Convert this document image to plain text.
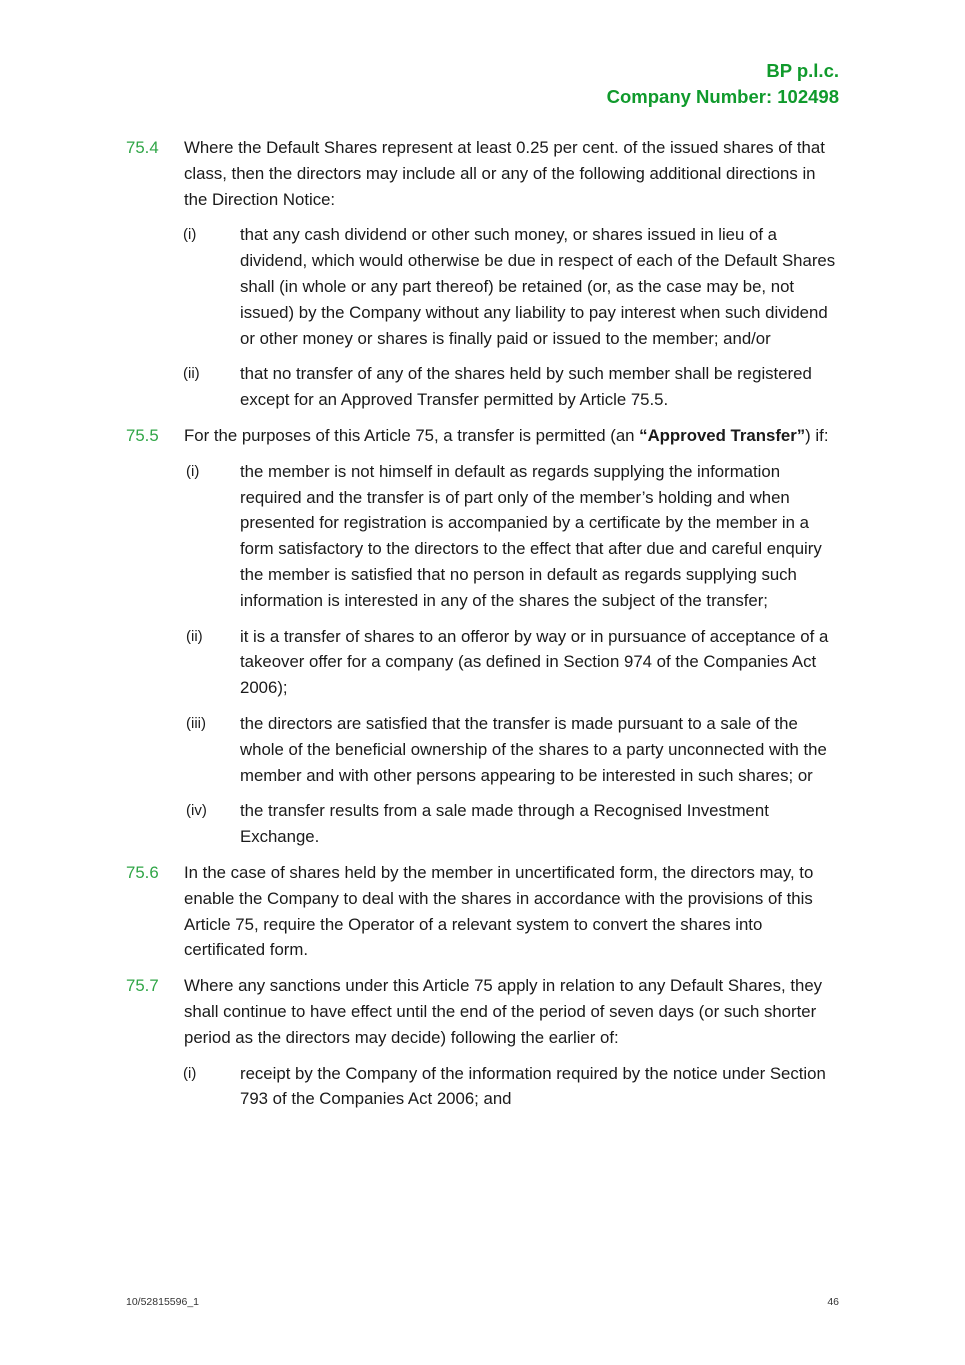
BP p.l.c.
Company Number: 102498
75.4 Where the Default Shares represent at least 0.25 per cent. of the issued shares of that class, then the directors may include all or any of the following additional directions in the Direction Notice:
(i)	that any cash dividend or other such money, or shares issued in lieu of a dividend, which would otherwise be due in respect of each of the Default Shares shall (in whole or any part thereof) be retained (or, as the case may be, not issued) by the Company without any liability to pay interest when such dividend or other money or shares is finally paid or issued to the member; and/or
(ii) that no transfer of any of the shares held by such member shall be registered except for an Approved Transfer permitted by Article 75.5.
75.5 For the purposes of this Article 75, a transfer is permitted (an “Approved Transfer”) if:
(i) the member is not himself in default as regards supplying the information required and the transfer is of part only of the member’s holding and when presented for registration is accompanied by a certificate by the member in a form satisfactory to the directors to the effect that after due and careful enquiry the member is satisfied that no person in default as regards supplying such information is interested in any of the shares the subject of the transfer;
(ii) it is a transfer of shares to an offeror by way or in pursuance of acceptance of a takeover offer for a company (as defined in Section 974 of the Companies Act 2006);
(iii) the directors are satisfied that the transfer is made pursuant to a sale of the whole of the beneficial ownership of the shares to a party unconnected with the member and with other persons appearing to be interested in such shares; or
(iv) the transfer results from a sale made through a Recognised Investment Exchange.
75.6 In the case of shares held by the member in uncertificated form, the directors may, to enable the Company to deal with the shares in accordance with the provisions of this Article 75, require the Operator of a relevant system to convert the shares into certificated form.
75.7 Where any sanctions under this Article 75 apply in relation to any Default Shares, they shall continue to have effect until the end of the period of seven days (or such shorter period as the directors may decide) following the earlier of:
(i)	receipt by the Company of the information required by the notice under Section 793 of the Companies Act 2006; and
10/52815596_1	46
